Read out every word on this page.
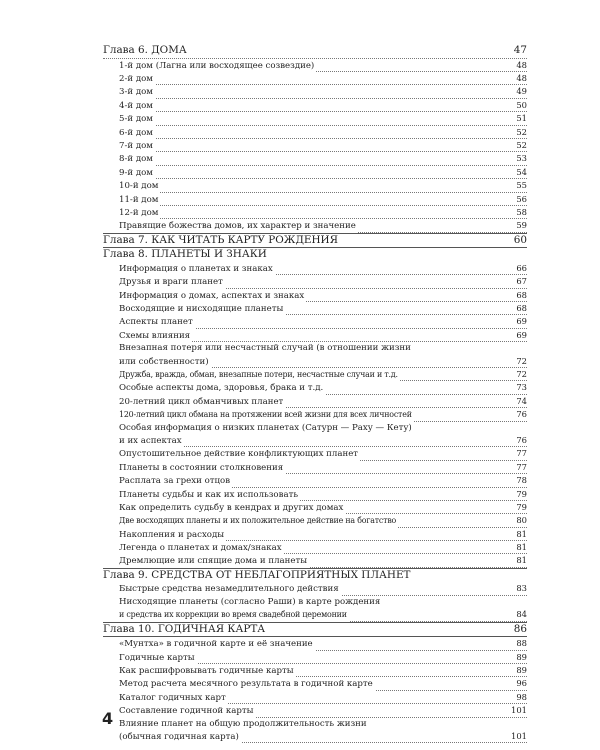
Глава 6. ДОМА	47
1-й дом (Лагна или восходящее созвездие)	48
2-й дом	48
3-й дом	49
4-й дом	50
5-й дом	51
6-й дом	52
7-й дом	52
8-й дом	53
9-й дом	54
10-й дом	55
11-й дом	56
12-й дом	58
Правящие божества домов, их характер и значение	59
Глава 7. КАК ЧИТАТЬ КАРТУ РОЖДЕНИЯ	60
Глава 8. ПЛАНЕТЫ И ЗНАКИ
Информация о планетах и знаках	66
Друзья и враги планет	67
Информация о домах, аспектах и знаках	68
Восходящие и нисходящие планеты	68
Аспекты планет	69
Схемы влияния	69
Внезапная потеря или несчастный случай (в отношении жизни
или собственности)	72
Дружба, вражда, обман, внезапные потери, несчастные случаи и т.д.	72
Особые аспекты дома, здоровья, брака и т.д.	73
20-летний цикл обманчивых планет	74
120-летний цикл обмана на протяжении всей жизни для всех личностей	76
Особая информация о низких планетах (Сатурн — Раху — Кету)
и их аспектах	76
Опустошительное действие конфликтующих планет	77
Планеты в состоянии столкновения	77
Расплата за грехи отцов	78
Планеты судьбы и как их использовать	79
Как определить судьбу в кендрах и других домах	79
Две восходящих планеты и их положительное действие на богатство	80
Накопления и расходы	81
Легенда о планетах и домах/знаках	81
Дремлющие или спящие дома и планеты	81
Глава 9. СРЕДСТВА ОТ НЕБЛАГОПРИЯТНЫХ ПЛАНЕТ
Быстрые средства незамедлительного действия	83
Нисходящие планеты (согласно Раши) в карте рождения
и средства их коррекции во время свадебной церемонии	84
Глава 10. ГОДИЧНАЯ КАРТА	86
«Мунтха» в годичной карте и её значение	88
Годичные карты	89
Как расшифровывать годичные карты	89
Метод расчета месячного результата в годичной карте	96
Каталог годичных карт	98
Составление годичной карты	101
Влияние планет на общую продолжительность жизни
(обычная годичная карта)	101
4
